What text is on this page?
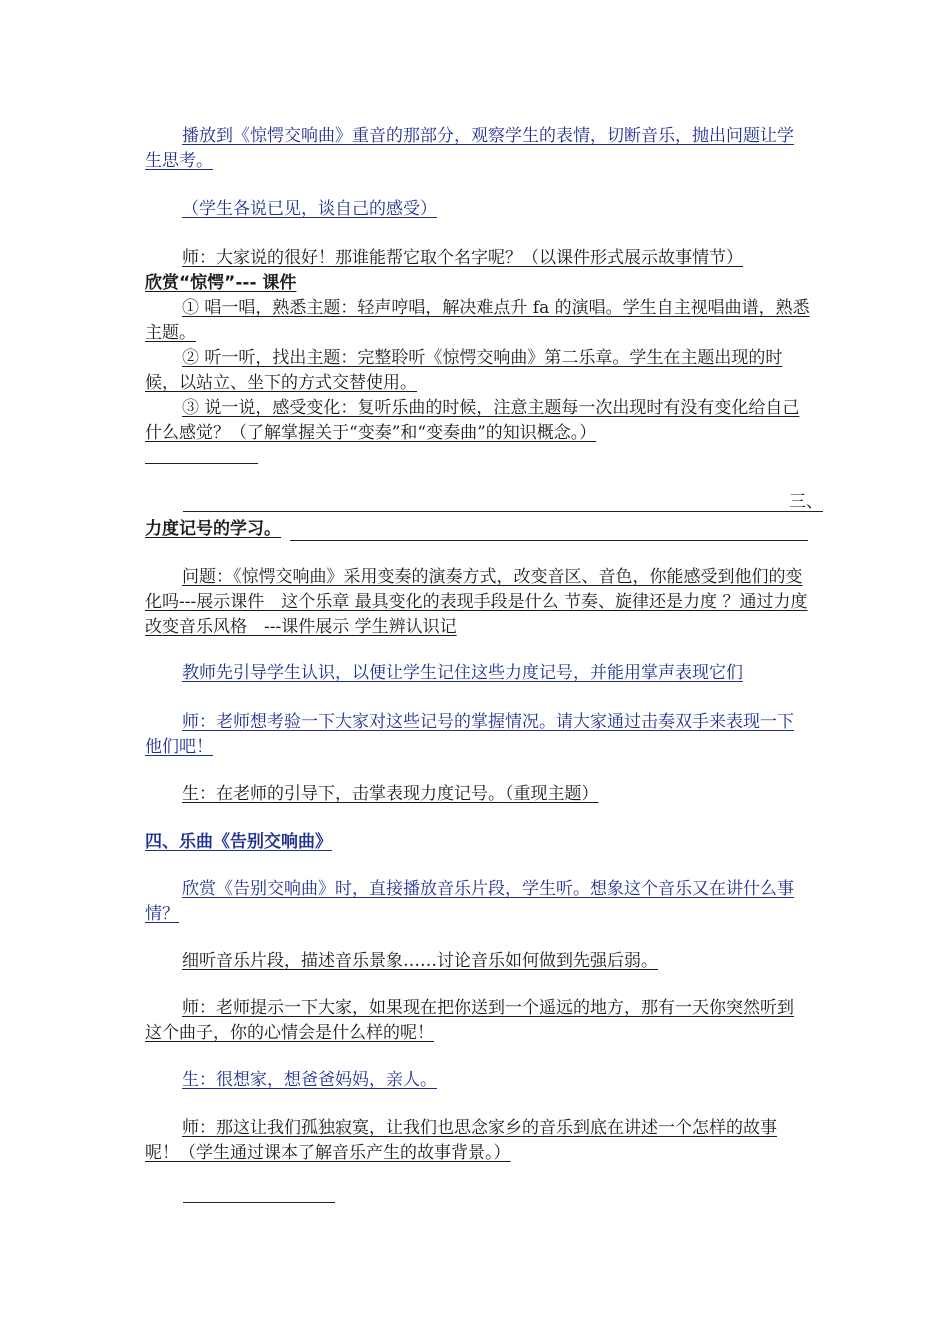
播放到《惊愕交响曲》重音的那部分，观察学生的表情，切断音乐，抛出问题让学生思考。

（学生各说已见，谈自己的感受）

师：大家说的很好！那谁能帮它取个名字呢？（以课件形式展示故事情节）

欣赏“惊愕”--- 课件

① 唱一唱，熟悉主题：轻声哼唱，解决难点升 fa 的演唱。学生自主视唱曲谱，熟悉主题。

② 听一听，找出主题：完整聆听《惊愕交响曲》第二乐章。学生在主题出现的时候，以站立、坐下的方式交替使用。

③ 说一说，感受变化：复听乐曲的时候，注意主题每一次出现时有没有变化给自己什么感觉？（了解掌握关于“变奏”和“变奏曲”的知识概念。）

三、

力度记号的学习。

问题：《惊愕交响曲》采用变奏的演奏方式，改变音区、音色，你能感受到他们的变化吗---展示课件　这个乐章 最具变化的表现手段是什么 节奏、旋律还是力度 ？通过力度 改变音乐风格　---课件展示 学生辨认识记

教师先引导学生认识，以便让学生记住这些力度记号，并能用掌声表现它们

师：老师想考验一下大家对这些记号的掌握情况。请大家通过击奏双手来表现一下他们吧！

生：在老师的引导下，击掌表现力度记号。（重现主题）

四、乐曲《告别交响曲》

欣赏《告别交响曲》时，直接播放音乐片段，学生听。想象这个音乐又在讲什么事情？

细听音乐片段，描述音乐景象……讨论音乐如何做到先强后弱。

师：老师提示一下大家，如果现在把你送到一个遥远的地方，那有一天你突然听到这个曲子，你的心情会是什么样的呢！

生：很想家，想爸爸妈妈，亲人。

师：那这让我们孤独寂寞，让我们也思念家乡的音乐到底在讲述一个怎样的故事呢！（学生通过课本了解音乐产生的故事背景。）
